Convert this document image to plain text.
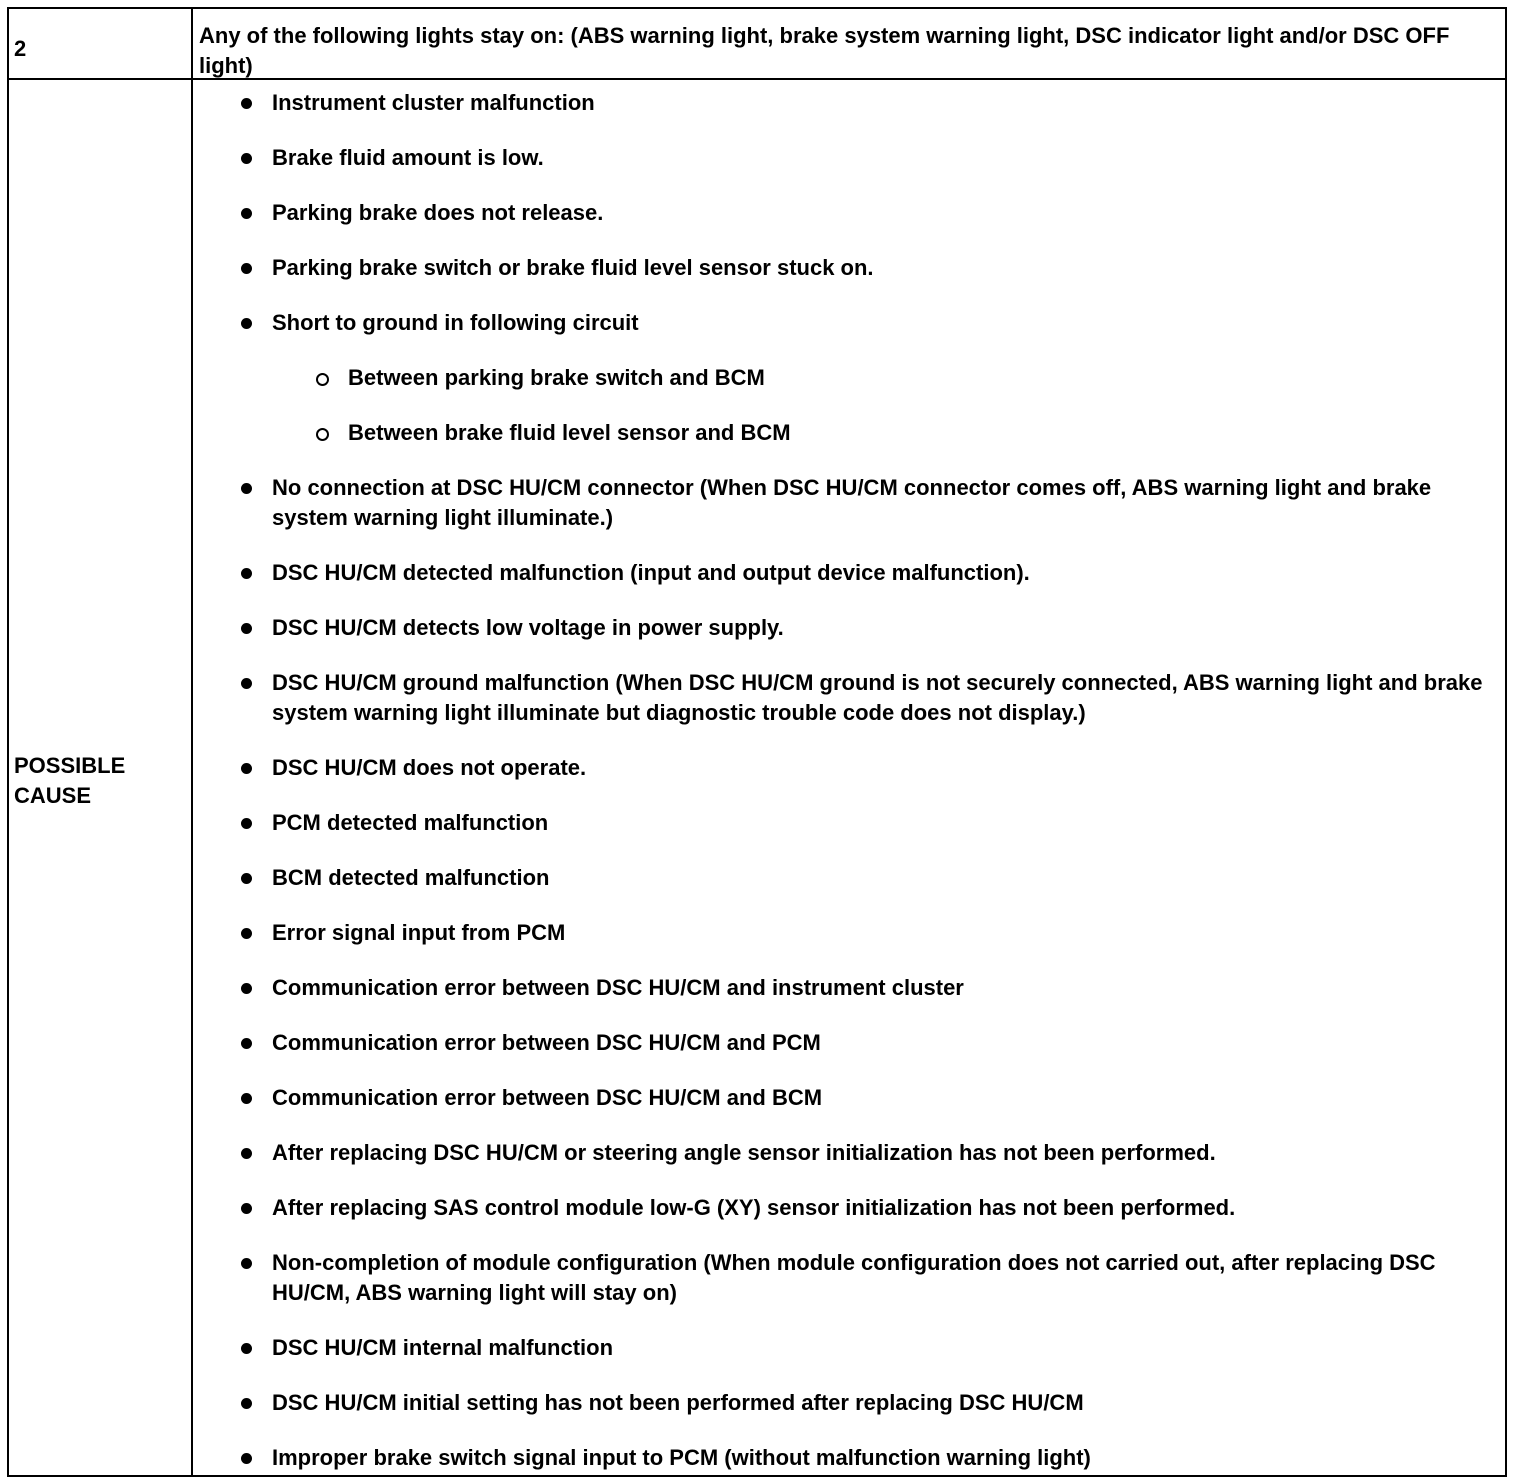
2

Any of the following lights stay on: (ABS warning light, brake system warning light, DSC indicator light and/or DSC OFF light)

POSSIBLE CAUSE

Instrument cluster malfunction

Brake fluid amount is low.

Parking brake does not release.

Parking brake switch or brake fluid level sensor stuck on.

Short to ground in following circuit

Between parking brake switch and BCM

Between brake fluid level sensor and BCM

No connection at DSC HU/CM connector (When DSC HU/CM connector comes off, ABS warning light and brake system warning light illuminate.)

DSC HU/CM detected malfunction (input and output device malfunction).

DSC HU/CM detects low voltage in power supply.

DSC HU/CM ground malfunction (When DSC HU/CM ground is not securely connected, ABS warning light and brake system warning light illuminate but diagnostic trouble code does not display.)

DSC HU/CM does not operate.

PCM detected malfunction

BCM detected malfunction

Error signal input from PCM

Communication error between DSC HU/CM and instrument cluster

Communication error between DSC HU/CM and PCM

Communication error between DSC HU/CM and BCM

After replacing DSC HU/CM or steering angle sensor initialization has not been performed.

After replacing SAS control module low-G (XY) sensor initialization has not been performed.

Non-completion of module configuration (When module configuration does not carried out, after replacing DSC HU/CM, ABS warning light will stay on)

DSC HU/CM internal malfunction

DSC HU/CM initial setting has not been performed after replacing DSC HU/CM

Improper brake switch signal input to PCM (without malfunction warning light)
